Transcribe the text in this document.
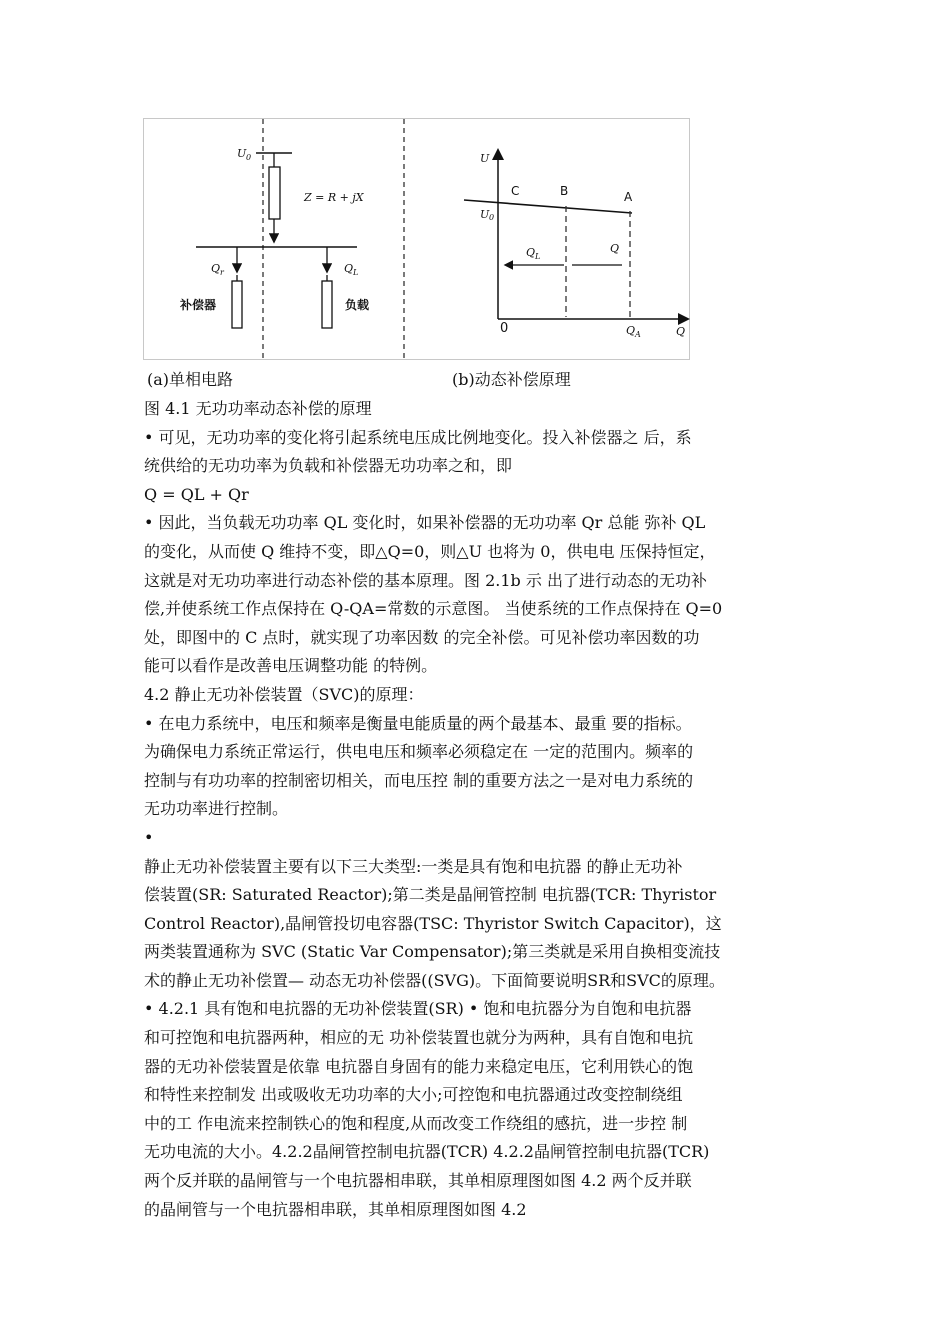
U 0
Z = R + jX
Q r	Q L
补偿器	负载
U
Q
0
C	B	A
U 0
Q L
Q
Q A
(a)单相电路	(b)动态补偿原理
图 4.1 无功功率动态补偿的原理
• 可见，无功功率的变化将引起系统电压成比例地变化。投入补偿器之 后，系
统供给的无功功率为负载和补偿器无功功率之和，即
Q = QL + Qr
• 因此，当负载无功功率 QL 变化时，如果补偿器的无功功率 Qr 总能 弥补 QL
的变化，从而使 Q 维持不变，即△Q=0，则△U 也将为 0，供电电 压保持恒定，
这就是对无功功率进行动态补偿的基本原理。图 2.1b 示 出了进行动态的无功补
偿,并使系统工作点保持在 Q-QA=常数的示意图。 当使系统的工作点保持在 Q=0
处，即图中的 C 点时，就实现了功率因数 的完全补偿。可见补偿功率因数的功
能可以看作是改善电压调整功能 的特例。
4.2 静止无功补偿装置（SVC)的原理：
• 在电力系统中，电压和频率是衡量电能质量的两个最基本、最重 要的指标。
为确保电力系统正常运行，供电电压和频率必须稳定在 一定的范围内。频率的
控制与有功功率的控制密切相关，而电压控 制的重要方法之一是对电力系统的
无功功率进行控制。
•
静止无功补偿装置主要有以下三大类型:一类是具有饱和电抗器 的静止无功补
偿装置(SR: Saturated Reactor);第二类是晶闸管控制 电抗器(TCR: Thyristor
Control Reactor),晶闸管投切电容器(TSC: Thyristor Switch Capacitor)，这
两类装置通称为 SVC (Static Var Compensator);第三类就是采用自换相变流技
术的静止无功补偿置— 动态无功补偿器((SVG)。下面简要说明SR和SVC的原理。
• 4.2.1 具有饱和电抗器的无功补偿装置(SR) • 饱和电抗器分为自饱和电抗器
和可控饱和电抗器两种，相应的无 功补偿装置也就分为两种，具有自饱和电抗
器的无功补偿装置是依靠 电抗器自身固有的能力来稳定电压，它利用铁心的饱
和特性来控制发 出或吸收无功功率的大小;可控饱和电抗器通过改变控制绕组
中的工 作电流来控制铁心的饱和程度,从而改变工作绕组的感抗，进一步控 制
无功电流的大小。4.2.2晶闸管控制电抗器(TCR) 4.2.2晶闸管控制电抗器(TCR)
两个反并联的晶闸管与一个电抗器相串联，其单相原理图如图 4.2 两个反并联
的晶闸管与一个电抗器相串联，其单相原理图如图 4.2
